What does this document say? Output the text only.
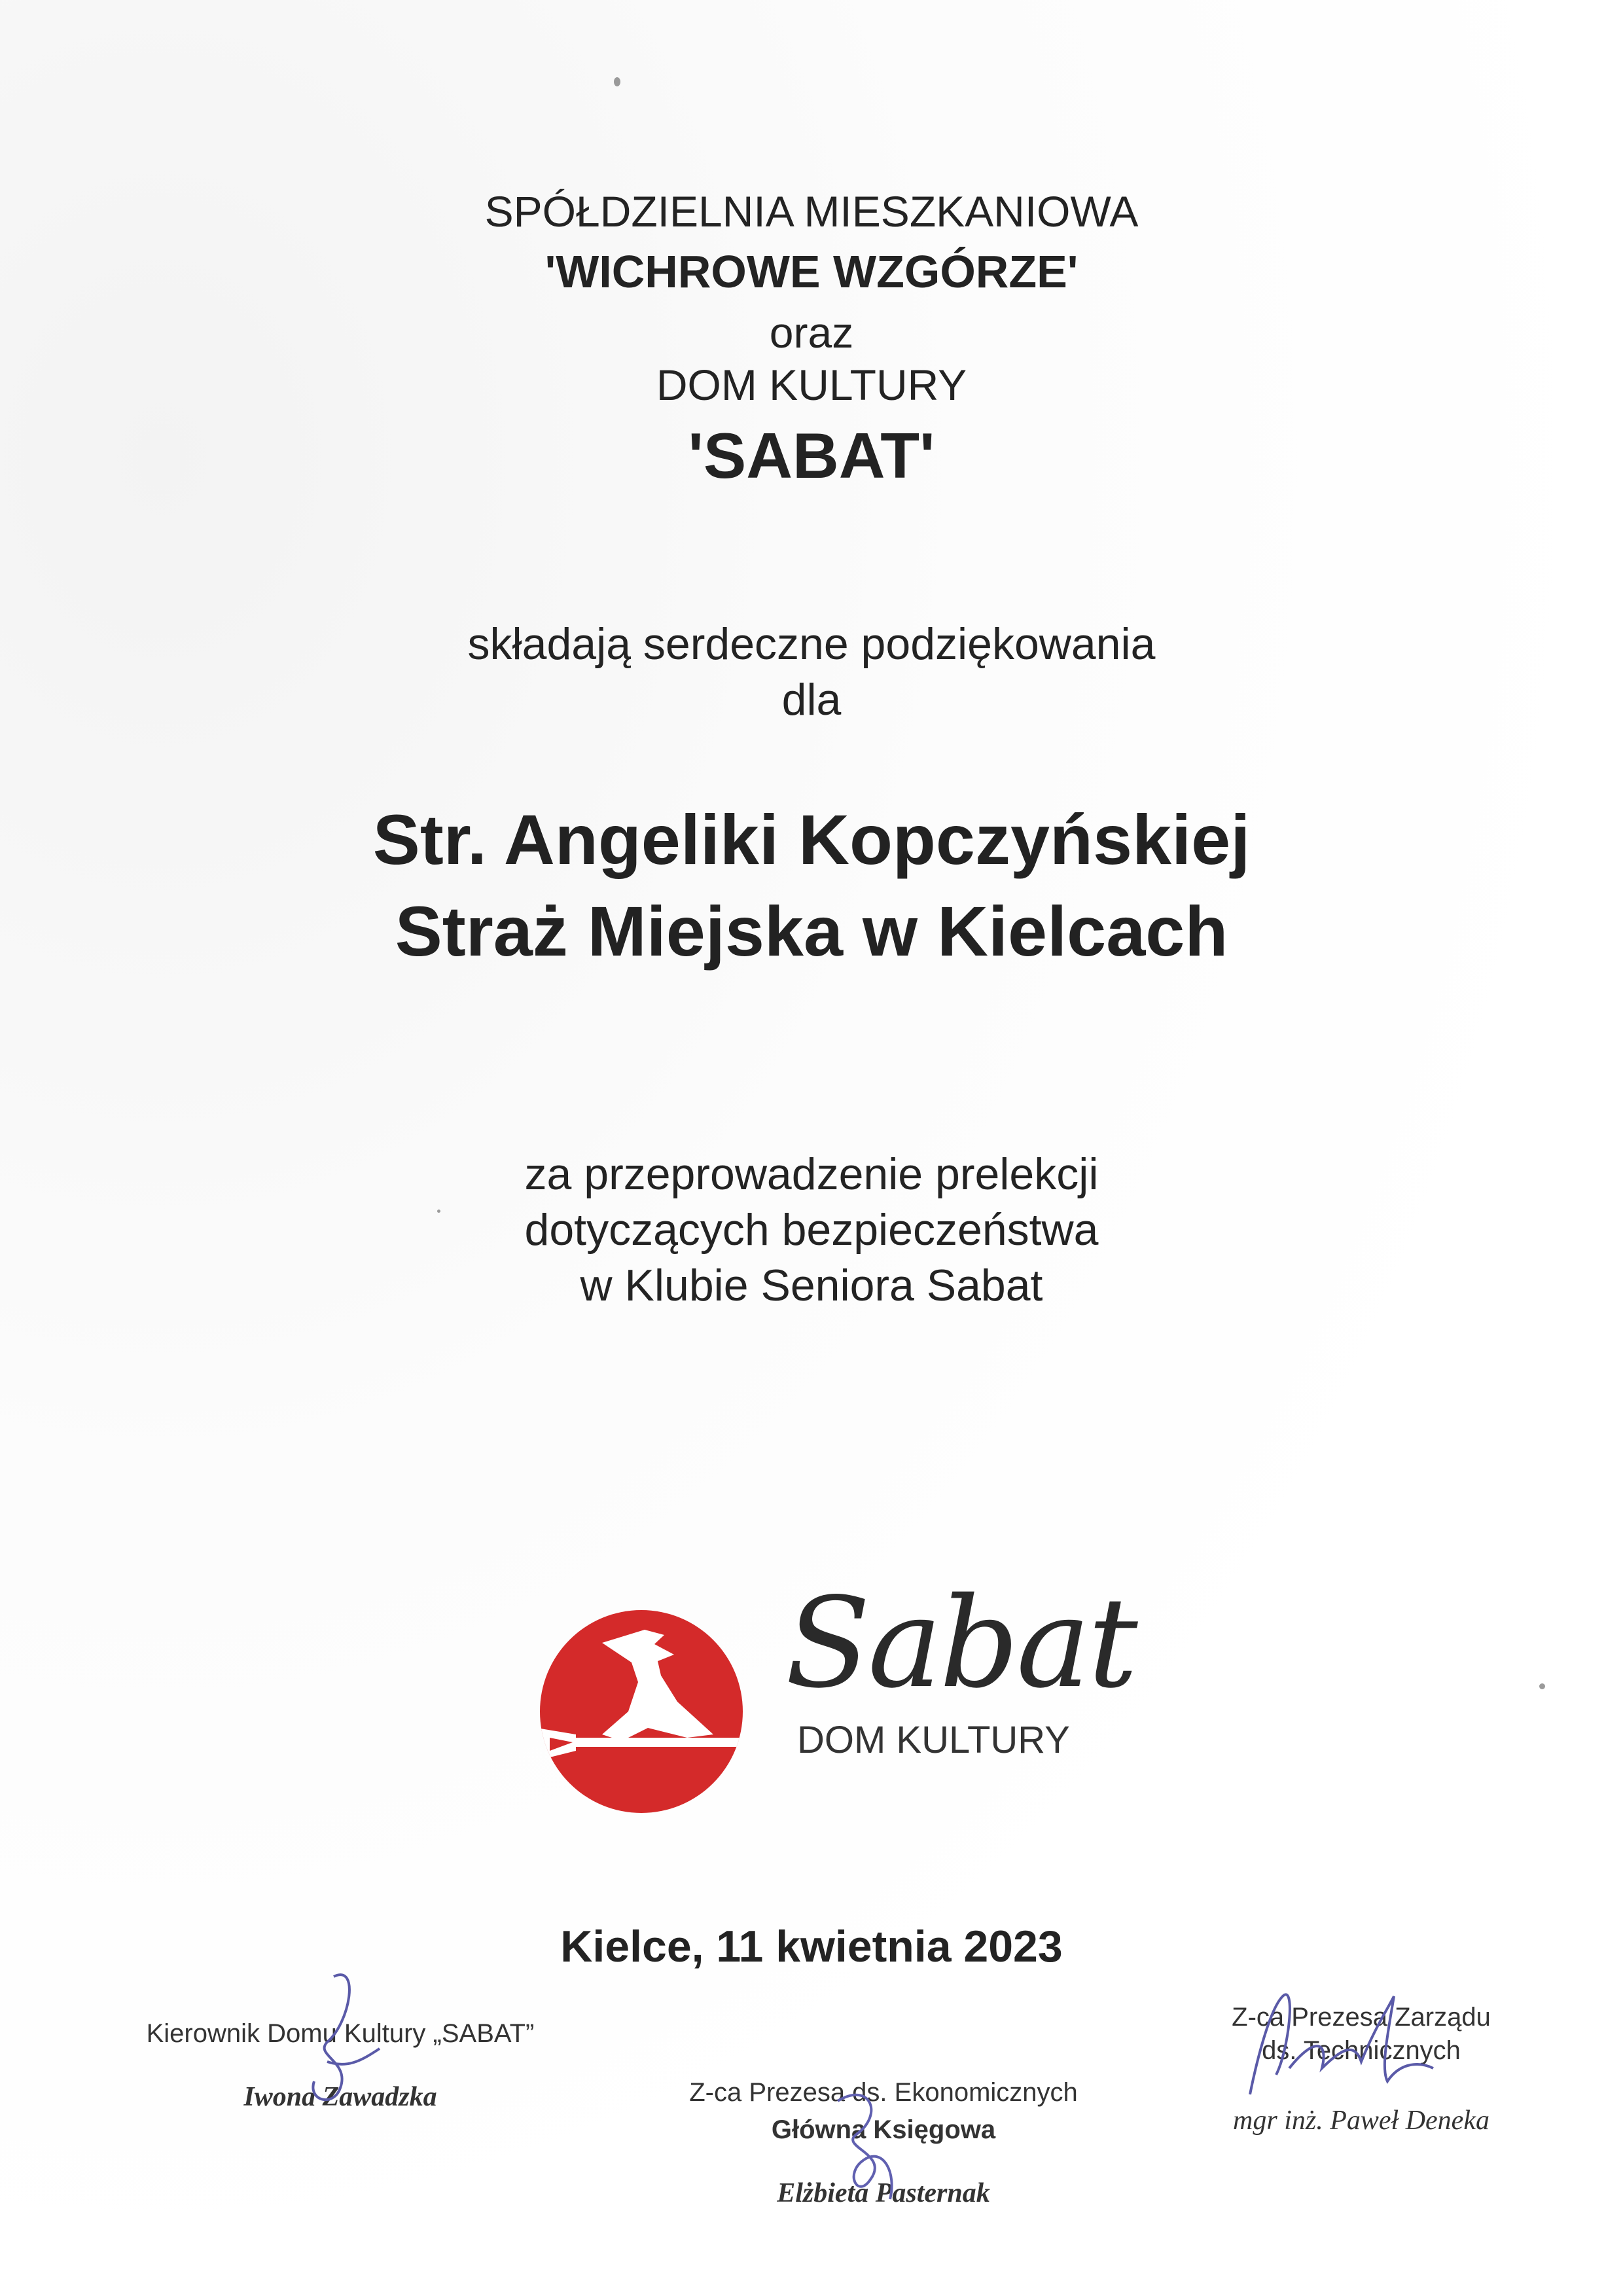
SPÓŁDZIELNIA MIESZKANIOWA
'WICHROWE WZGÓRZE'
oraz
DOM KULTURY
'SABAT'
składają serdeczne podziękowania
dla
Str. Angeliki Kopczyńskiej
Straż Miejska w Kielcach
za przeprowadzenie prelekcji
dotyczących bezpieczeństwa
w Klubie Seniora Sabat
Sabat
DOM KULTURY
Kielce, 11 kwietnia 2023
Kierownik Domu Kultury „SABAT”
Iwona Zawadzka	Z-ca Prezesa ds. Ekonomicznych
Główna Księgowa
Elżbieta Pasternak
Z-ca Prezesa Zarządu
ds. Technicznych
mgr inż. Paweł Deneka
